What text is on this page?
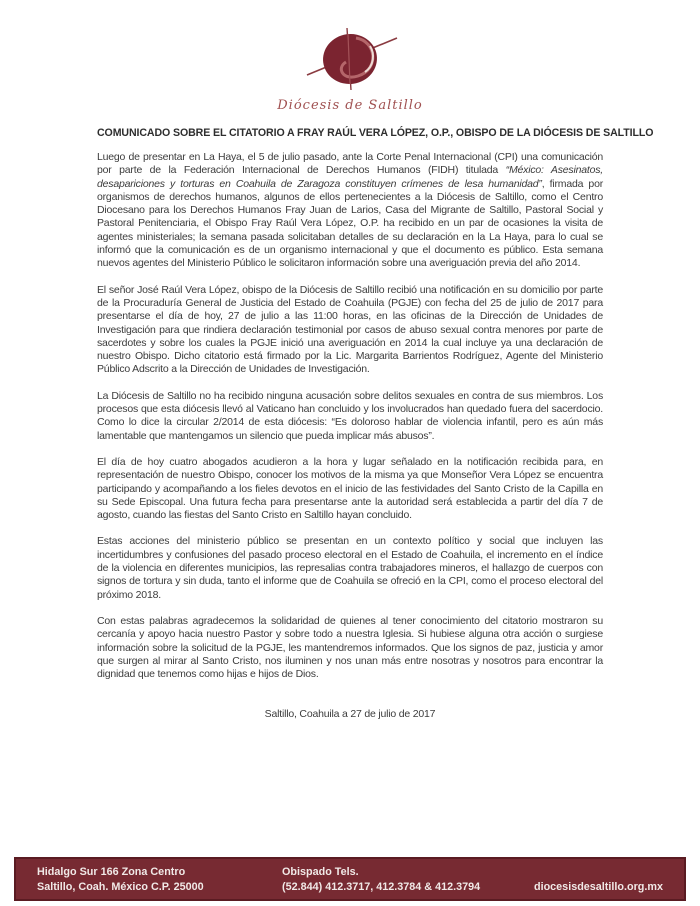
Diócesis de Saltillo
COMUNICADO SOBRE EL CITATORIO A FRAY RAÚL VERA LÓPEZ, O.P., OBISPO DE LA DIÓCESIS DE SALTILLO

Luego de presentar en La Haya, el 5 de julio pasado, ante la Corte Penal Internacional (CPI) una comunicación por parte de la Federación Internacional de Derechos Humanos (FIDH) titulada “México: Asesinatos, desapariciones y torturas en Coahuila de Zaragoza constituyen crímenes de lesa humanidad”, firmada por organismos de derechos humanos, algunos de ellos pertenecientes a la Diócesis de Saltillo, como el Centro Diocesano para los Derechos Humanos Fray Juan de Larios, Casa del Migrante de Saltillo, Pastoral Social y Pastoral Penitenciaria, el Obispo Fray Raúl Vera López, O.P. ha recibido en un par de ocasiones la visita de agentes ministeriales; la semana pasada solicitaban detalles de su declaración en la La Haya, para lo cual se informó que la comunicación es de un organismo internacional y que el documento es público. Esta semana nuevos agentes del Ministerio Público le solicitaron información sobre una averiguación previa del año 2014.

El señor José Raúl Vera López, obispo de la Diócesis de Saltillo recibió una notificación en su domicilio por parte de la Procuraduría General de Justicia del Estado de Coahuila (PGJE) con fecha del 25 de julio de 2017 para presentarse el día de hoy, 27 de julio a las 11:00 horas, en las oficinas de la Dirección de Unidades de Investigación para que rindiera declaración testimonial por casos de abuso sexual contra menores por parte de sacerdotes y sobre los cuales la PGJE inició una averiguación en 2014 la cual incluye ya una declaración de nuestro Obispo. Dicho citatorio está firmado por la Lic. Margarita Barrientos Rodríguez, Agente del Ministerio Público Adscrito a la Dirección de Unidades de Investigación.

La Diócesis de Saltillo no ha recibido ninguna acusación sobre delitos sexuales en contra de sus miembros. Los procesos que esta diócesis llevó al Vaticano han concluido y los involucrados han quedado fuera del sacerdocio. Como lo dice la circular 2/2014 de esta diócesis: “Es doloroso hablar de violencia infantil, pero es aún más lamentable que mantengamos un silencio que pueda implicar más abusos”.

El día de hoy cuatro abogados acudieron a la hora y lugar señalado en la notificación recibida para, en representación de nuestro Obispo, conocer los motivos de la misma ya que Monseñor Vera López se encuentra participando y acompañando a los fieles devotos en el inicio de las festividades del Santo Cristo de la Capilla en su Sede Episcopal. Una futura fecha para presentarse ante la autoridad será establecida a partir del día 7 de agosto, cuando las fiestas del Santo Cristo en Saltillo hayan concluido.

Estas acciones del ministerio público se presentan en un contexto político y social que incluyen las incertidumbres y confusiones del pasado proceso electoral en el Estado de Coahuila, el incremento en el índice de la violencia en diferentes municipios, las represalias contra trabajadores mineros, el hallazgo de cuerpos con signos de tortura y sin duda, tanto el informe que de Coahuila se ofreció en la CPI, como el proceso electoral del próximo 2018.

Con estas palabras agradecemos la solidaridad de quienes al tener conocimiento del citatorio mostraron su cercanía y apoyo hacia nuestro Pastor y sobre todo a nuestra Iglesia. Si hubiese alguna otra acción o surgiese información sobre la solicitud de la PGJE, les mantendremos informados. Que los signos de paz, justicia y amor que surgen al mirar al Santo Cristo, nos iluminen y nos unan más entre nosotras y nosotros para encontrar la dignidad que tenemos como hijas e hijos de Dios.

Saltillo, Coahuila a 27 de julio de 2017
Hidalgo Sur 166 Zona Centro
Saltillo, Coah. México C.P. 25000
Obispado Tels.
(52.844) 412.3717, 412.3784 & 412.3794	diocesisdesaltillo.org.mx
